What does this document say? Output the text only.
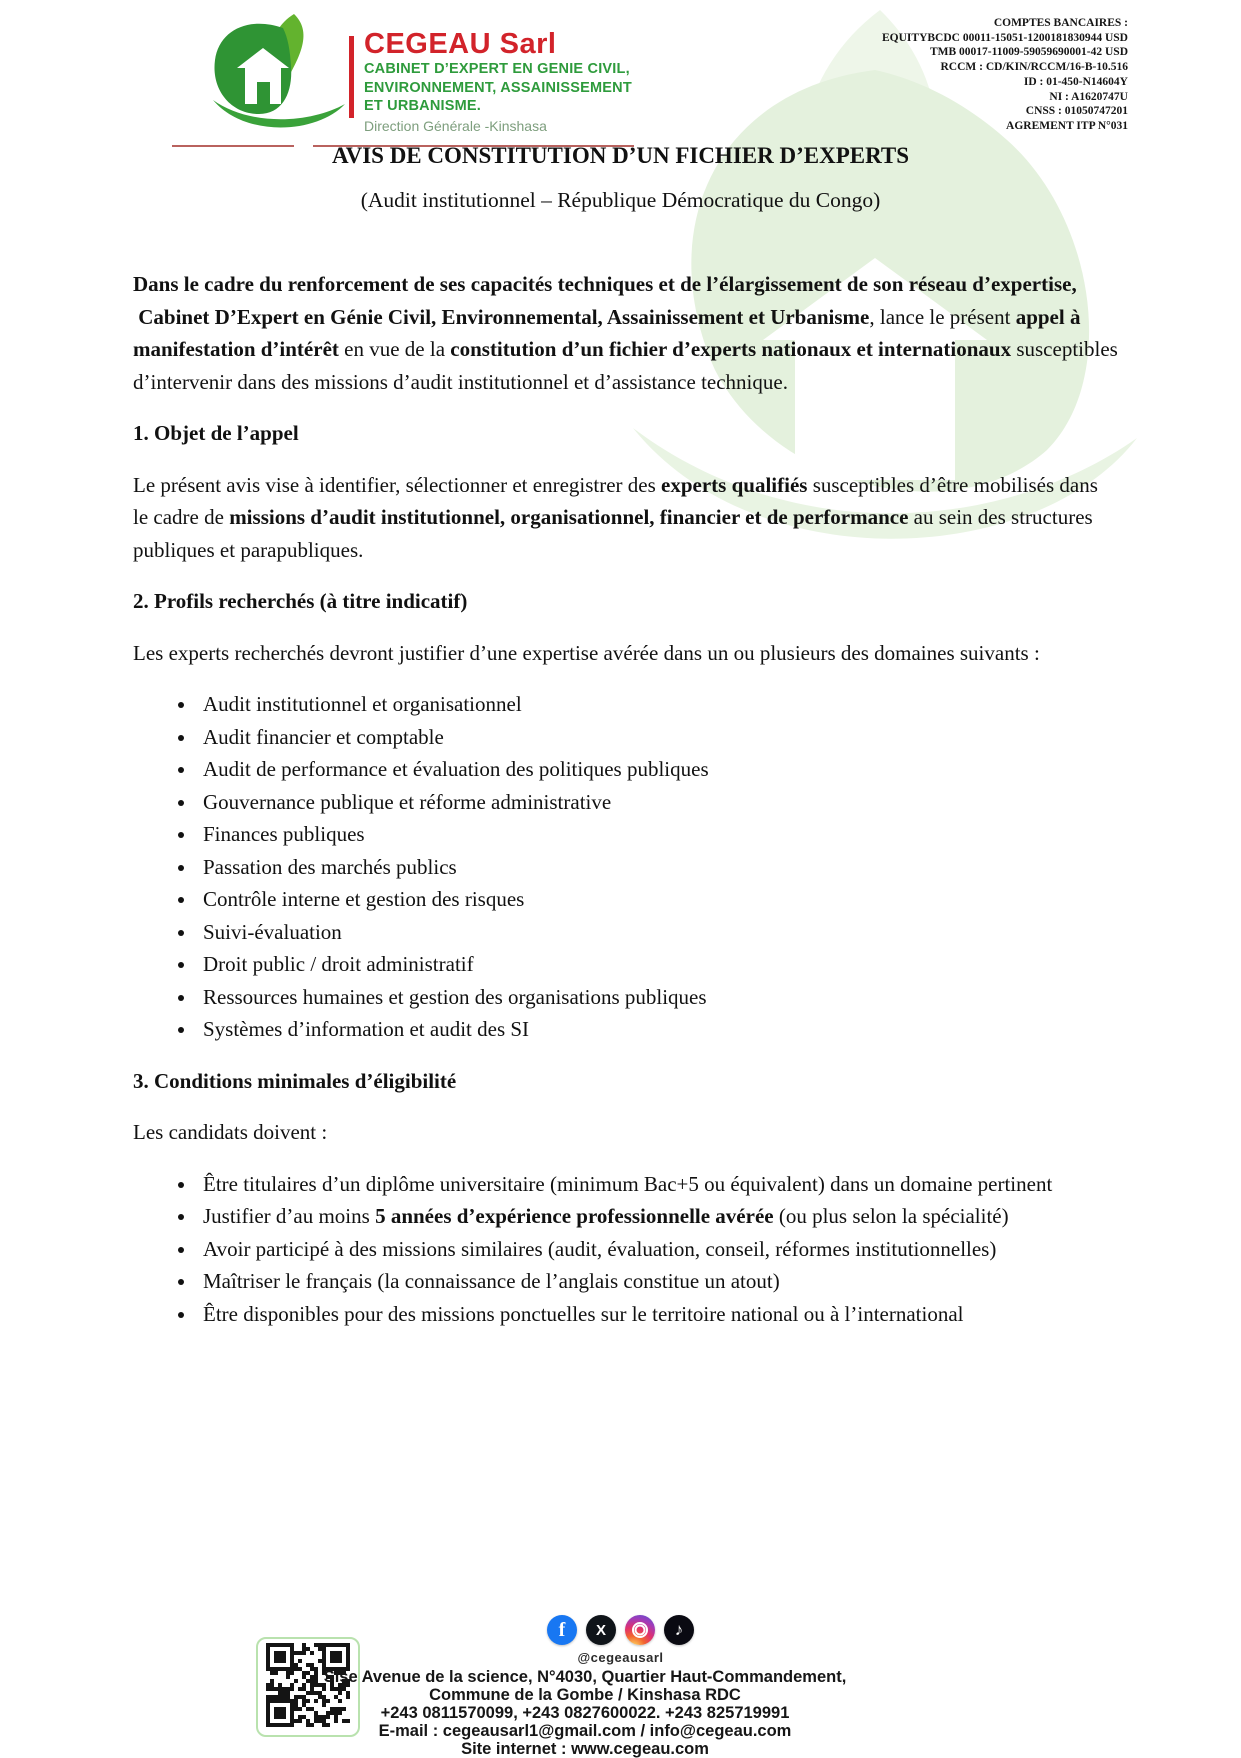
CEGEAU Sarl
CABINET D’EXPERT EN GENIE CIVIL,
ENVIRONNEMENT, ASSAINISSEMENT
ET URBANISME.
Direction Générale -Kinshasa
COMPTES BANCAIRES :
EQUITYBCDC 00011-15051-1200181830944 USD
TMB 00017-11009-59059690001-42 USD
RCCM : CD/KIN/RCCM/16-B-10.516
ID : 01-450-N14604Y
NI : A1620747U
CNSS : 01050747201
AGREMENT ITP N°031
AVIS DE CONSTITUTION D’UN FICHIER D’EXPERTS
(Audit institutionnel – République Démocratique du Congo)

Dans le cadre du renforcement de ses capacités techniques et de l’élargissement de son réseau d’expertise,
Cabinet D’Expert en Génie Civil, Environnemental, Assainissement et Urbanisme, lance le présent appel à manifestation d’intérêt en vue de la constitution d’un fichier d’experts nationaux et internationaux susceptibles d’intervenir dans des missions d’audit institutionnel et d’assistance technique.

1. Objet de l’appel

Le présent avis vise à identifier, sélectionner et enregistrer des experts qualifiés susceptibles d’être mobilisés dans le cadre de missions d’audit institutionnel, organisationnel, financier et de performance au sein des structures publiques et parapubliques.

2. Profils recherchés (à titre indicatif)

Les experts recherchés devront justifier d’une expertise avérée dans un ou plusieurs des domaines suivants :

• Audit institutionnel et organisationnel
• Audit financier et comptable
• Audit de performance et évaluation des politiques publiques
• Gouvernance publique et réforme administrative
• Finances publiques
• Passation des marchés publics
• Contrôle interne et gestion des risques
• Suivi-évaluation
• Droit public / droit administratif
• Ressources humaines et gestion des organisations publiques
• Systèmes d’information et audit des SI
3. Conditions minimales d’éligibilité

Les candidats doivent :

• Être titulaires d’un diplôme universitaire (minimum Bac+5 ou équivalent) dans un domaine pertinent
• Justifier d’au moins 5 années d’expérience professionnelle avérée (ou plus selon la spécialité)
• Avoir participé à des missions similaires (audit, évaluation, conseil, réformes institutionnelles)
• Maîtriser le français (la connaissance de l’anglais constitue un atout)
• Être disponibles pour des missions ponctuelles sur le territoire national ou à l’international
f	X	♪
@cegeausarl
Sise Avenue de la science, N°4030, Quartier Haut-Commandement,
Commune de la Gombe / Kinshasa RDC
+243 0811570099, +243 0827600022. +243 825719991
E-mail : cegeausarl1@gmail.com / info@cegeau.com
Site internet : www.cegeau.com
